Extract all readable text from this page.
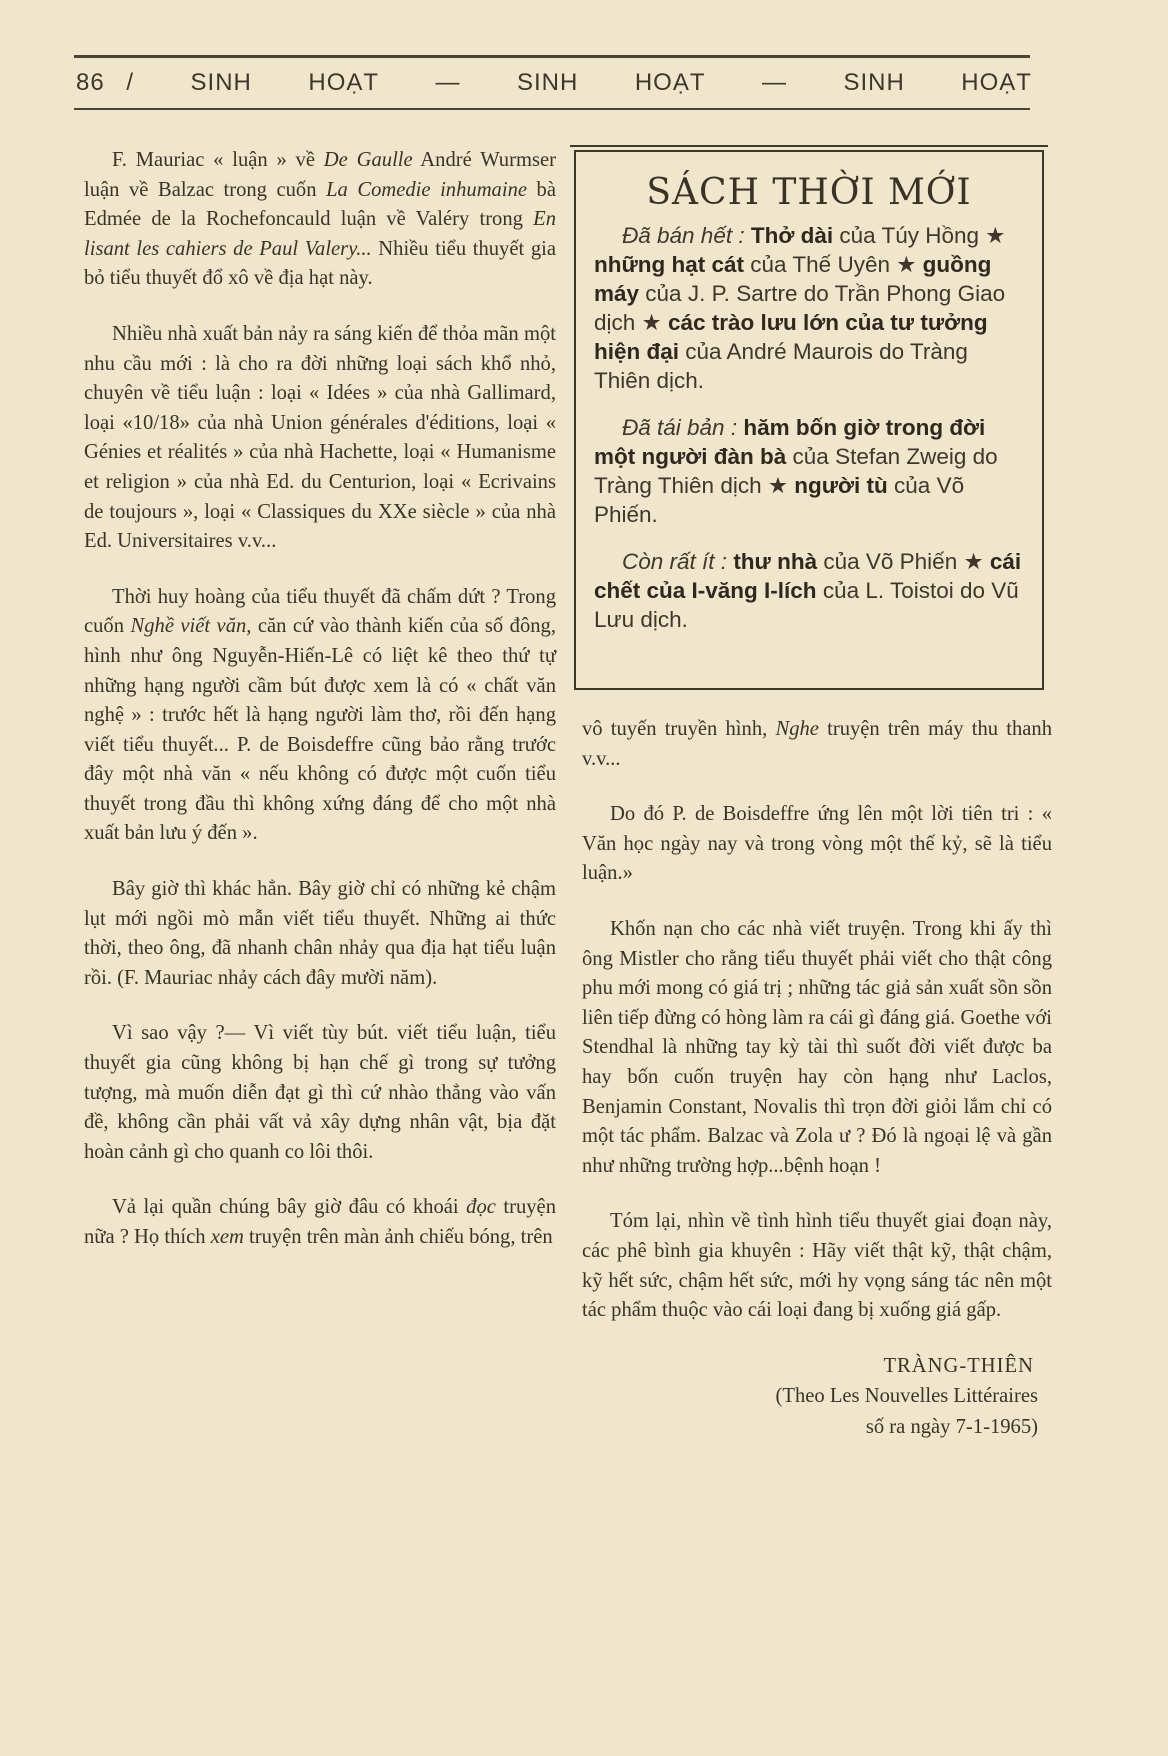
86 / SINH HOẠT — SINH HOẠT — SINH HOẠT

F. Mauriac « luận » về De Gaulle André Wurmser luận về Balzac trong cuốn La Comedie inhumaine bà Edmée de la Rochefoncauld luận về Valéry trong En lisant les cahiers de Paul Valery... Nhiều tiểu thuyết gia bỏ tiểu thuyết đổ xô về địa hạt này.

Nhiều nhà xuất bản nảy ra sáng kiến để thỏa mãn một nhu cầu mới : là cho ra đời những loại sách khổ nhỏ, chuyên về tiểu luận : loại « Idées » của nhà Gallimard, loại «10/18» của nhà Union générales d'éditions, loại « Génies et réalités » của nhà Hachette, loại « Humanisme et religion » của nhà Ed. du Centurion, loại « Ecrivains de toujours », loại « Classiques du XXe siècle » của nhà Ed. Universitaires v.v...

Thời huy hoàng của tiểu thuyết đã chấm dứt ? Trong cuốn Nghề viết văn, căn cứ vào thành kiến của số đông, hình như ông Nguyễn-Hiến-Lê có liệt kê theo thứ tự những hạng người cầm bút được xem là có « chất văn nghệ » : trước hết là hạng người làm thơ, rồi đến hạng viết tiểu thuyết... P. de Boisdeffre cũng bảo rằng trước đây một nhà văn « nếu không có được một cuốn tiểu thuyết trong đầu thì không xứng đáng để cho một nhà xuất bản lưu ý đến ».

Bây giờ thì khác hẳn. Bây giờ chỉ có những kẻ chậm lụt mới ngồi mò mẫn viết tiểu thuyết. Những ai thức thời, theo ông, đã nhanh chân nhảy qua địa hạt tiểu luận rồi. (F. Mauriac nhảy cách đây mười năm).

Vì sao vậy ?— Vì viết tùy bút. viết tiểu luận, tiểu thuyết gia cũng không bị hạn chế gì trong sự tưởng tượng, mà muốn diễn đạt gì thì cứ nhào thẳng vào vấn đề, không cần phải vất vả xây dựng nhân vật, bịa đặt hoàn cảnh gì cho quanh co lôi thôi.

Vả lại quần chúng bây giờ đâu có khoái đọc truyện nữa ? Họ thích xem truyện trên màn ảnh chiếu bóng, trên

SÁCH THỜI MỚI

Đã bán hết : Thở dài của Túy Hồng ★ những hạt cát của Thế Uyên ★ guồng máy của J. P. Sartre do Trần Phong Giao dịch ★ các trào lưu lớn của tư tưởng hiện đại của André Maurois do Tràng Thiên dịch.

Đã tái bản : hăm bốn giờ trong đời một người đàn bà của Stefan Zweig do Tràng Thiên dịch ★ người tù của Võ Phiến.

Còn rất ít : thư nhà của Võ Phiến ★ cái chết của I-văng I-lích của L. Toistoi do Vũ Lưu dịch.

vô tuyến truyền hình, Nghe truyện trên máy thu thanh v.v...

Do đó P. de Boisdeffre ứng lên một lời tiên tri : « Văn học ngày nay và trong vòng một thế kỷ, sẽ là tiểu luận.»

Khốn nạn cho các nhà viết truyện. Trong khi ấy thì ông Mistler cho rằng tiểu thuyết phải viết cho thật công phu mới mong có giá trị ; những tác giả sản xuất sồn sồn liên tiếp đừng có hòng làm ra cái gì đáng giá. Goethe với Stendhal là những tay kỳ tài thì suốt đời viết được ba hay bốn cuốn truyện hay còn hạng như Laclos, Benjamin Constant, Novalis thì trọn đời giỏi lắm chỉ có một tác phẩm. Balzac và Zola ư ? Đó là ngoại lệ và gần như những trường hợp...bệnh hoạn !

Tóm lại, nhìn về tình hình tiểu thuyết giai đoạn này, các phê bình gia khuyên : Hãy viết thật kỹ, thật chậm, kỹ hết sức, chậm hết sức, mới hy vọng sáng tác nên một tác phẩm thuộc vào cái loại đang bị xuống giá gấp.

TRÀNG-THIÊN
(Theo Les Nouvelles Littéraires
số ra ngày 7-1-1965)
